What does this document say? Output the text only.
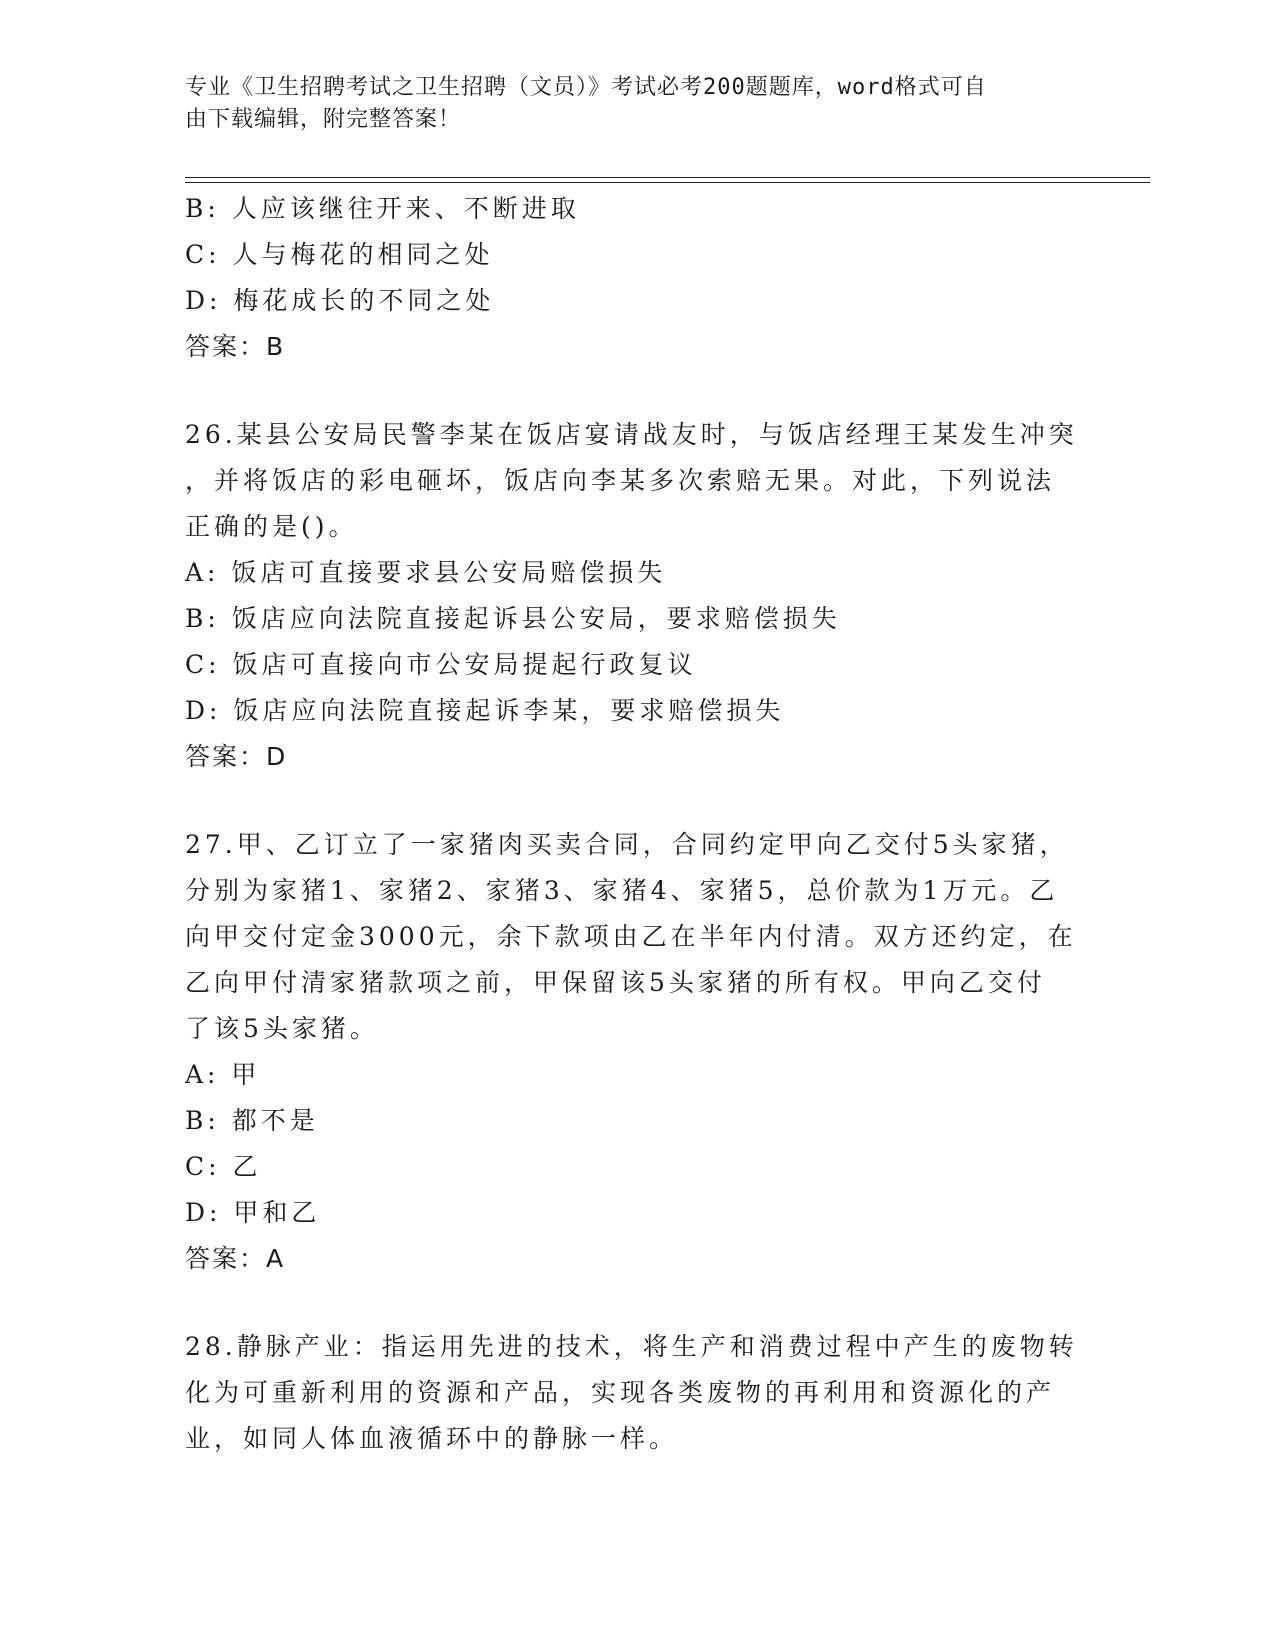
专业《卫生招聘考试之卫生招聘（文员）》考试必考200题题库，word格式可自
由下载编辑，附完整答案！
B: 人应该继往开来、不断进取
C: 人与梅花的相同之处
D: 梅花成长的不同之处
答案：B
26.某县公安局民警李某在饭店宴请战友时，与饭店经理王某发生冲突
，并将饭店的彩电砸坏，饭店向李某多次索赔无果。对此，下列说法
正确的是()。
A: 饭店可直接要求县公安局赔偿损失
B: 饭店应向法院直接起诉县公安局，要求赔偿损失
C: 饭店可直接向市公安局提起行政复议
D: 饭店应向法院直接起诉李某，要求赔偿损失
答案：D
27.甲、乙订立了一家猪肉买卖合同，合同约定甲向乙交付5头家猪，
分别为家猪1、家猪2、家猪3、家猪4、家猪5，总价款为1万元。乙
向甲交付定金3000元，余下款项由乙在半年内付清。双方还约定，在
乙向甲付清家猪款项之前，甲保留该5头家猪的所有权。甲向乙交付
了该5头家猪。
A: 甲
B: 都不是
C: 乙
D: 甲和乙
答案：A
28.静脉产业：指运用先进的技术，将生产和消费过程中产生的废物转
化为可重新利用的资源和产品，实现各类废物的再利用和资源化的产
业，如同人体血液循环中的静脉一样。
